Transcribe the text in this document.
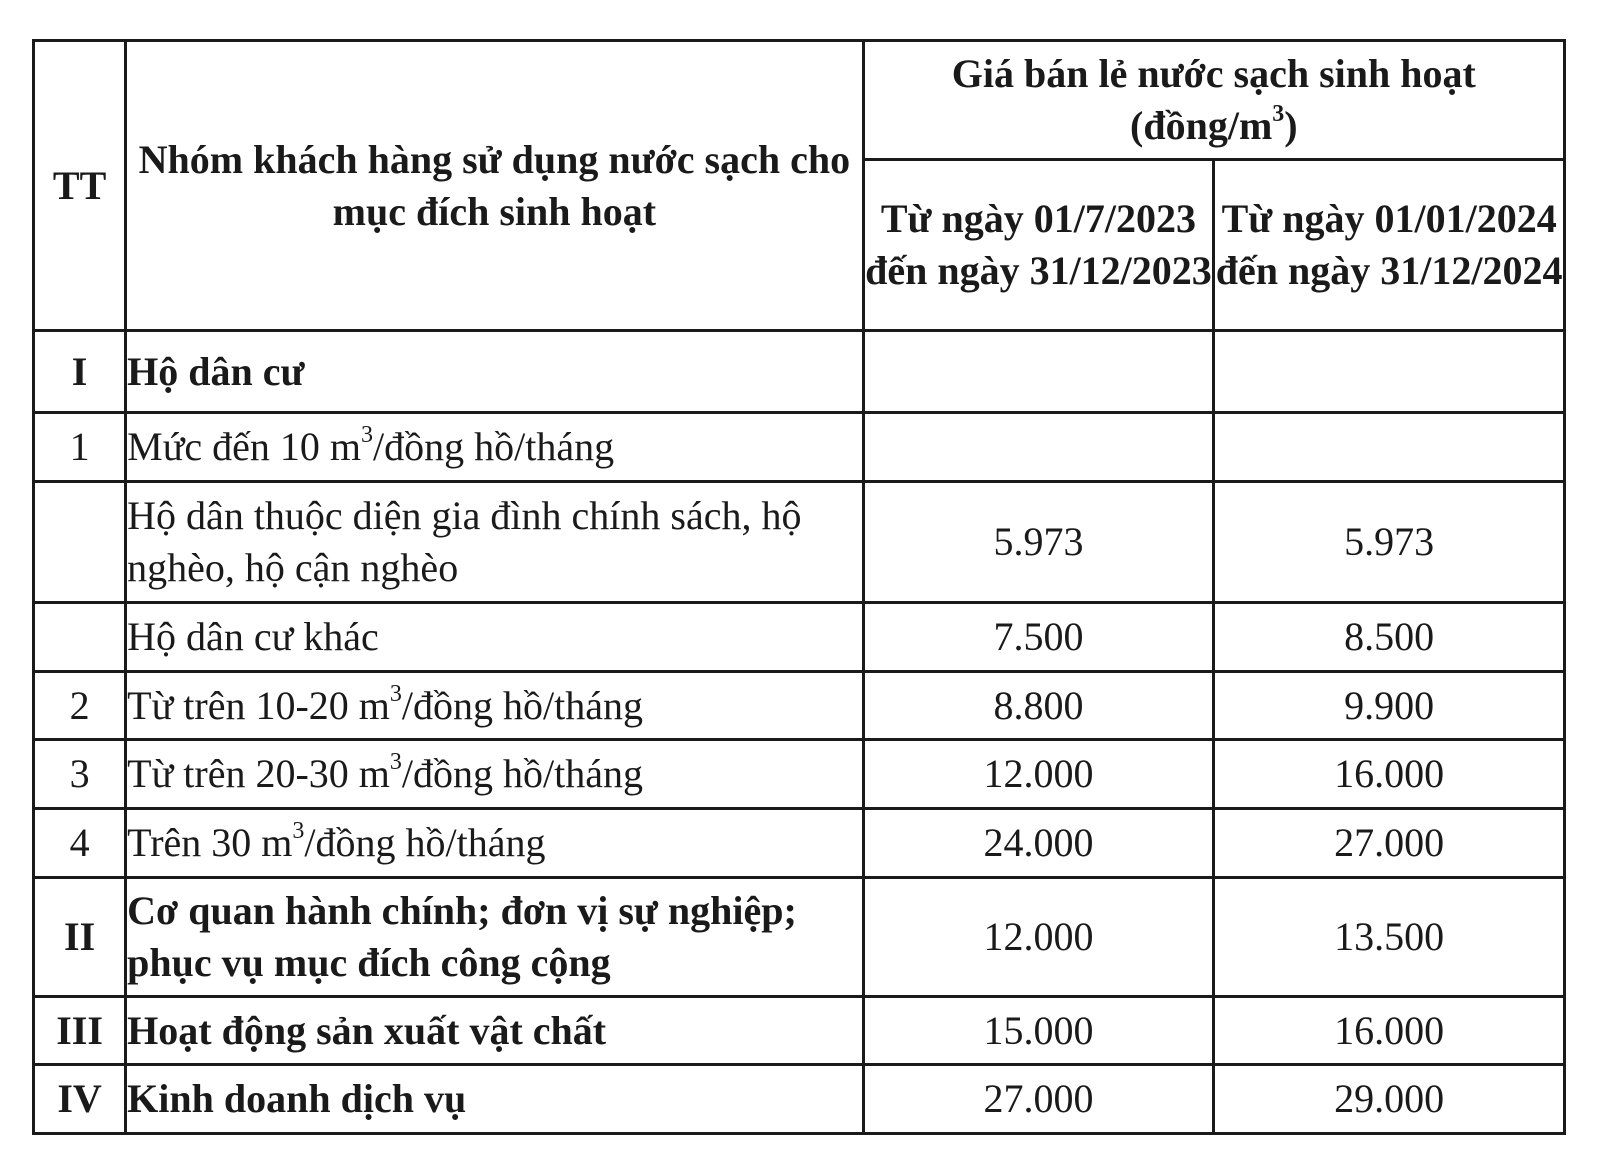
TT	Nhóm khách hàng sử dụng nước sạch cho mục đích sinh hoạt	Giá bán lẻ nước sạch sinh hoạt
$(đồng/m^3)$	
		Từ ngày 01/7/2023 đến ngày 31/12/2023	Từ ngày 01/01/2024 đến ngày 31/12/2024
I	Hộ dân cư		
1	Mức đến 10 $m^3$/đồng hồ/tháng		
	Hộ dân thuộc diện gia đình chính sách, hộ nghèo, hộ cận nghèo	5.973	5.973
	Hộ dân cư khác	7.500	8.500
2	Từ trên 10-20 $m^3$/đồng hồ/tháng	8.800	9.900
3	Từ trên 20-30 $m^3$/đồng hồ/tháng	12.000	16.000
4	Trên 30 $m^3$/đồng hồ/tháng	24.000	27.000
II	Cơ quan hành chính; đơn vị sự nghiệp; phục vụ mục đích công cộng	12.000	13.500
III	Hoạt động sản xuất vật chất	15.000	16.000
IV	Kinh doanh dịch vụ	27.000	29.000
